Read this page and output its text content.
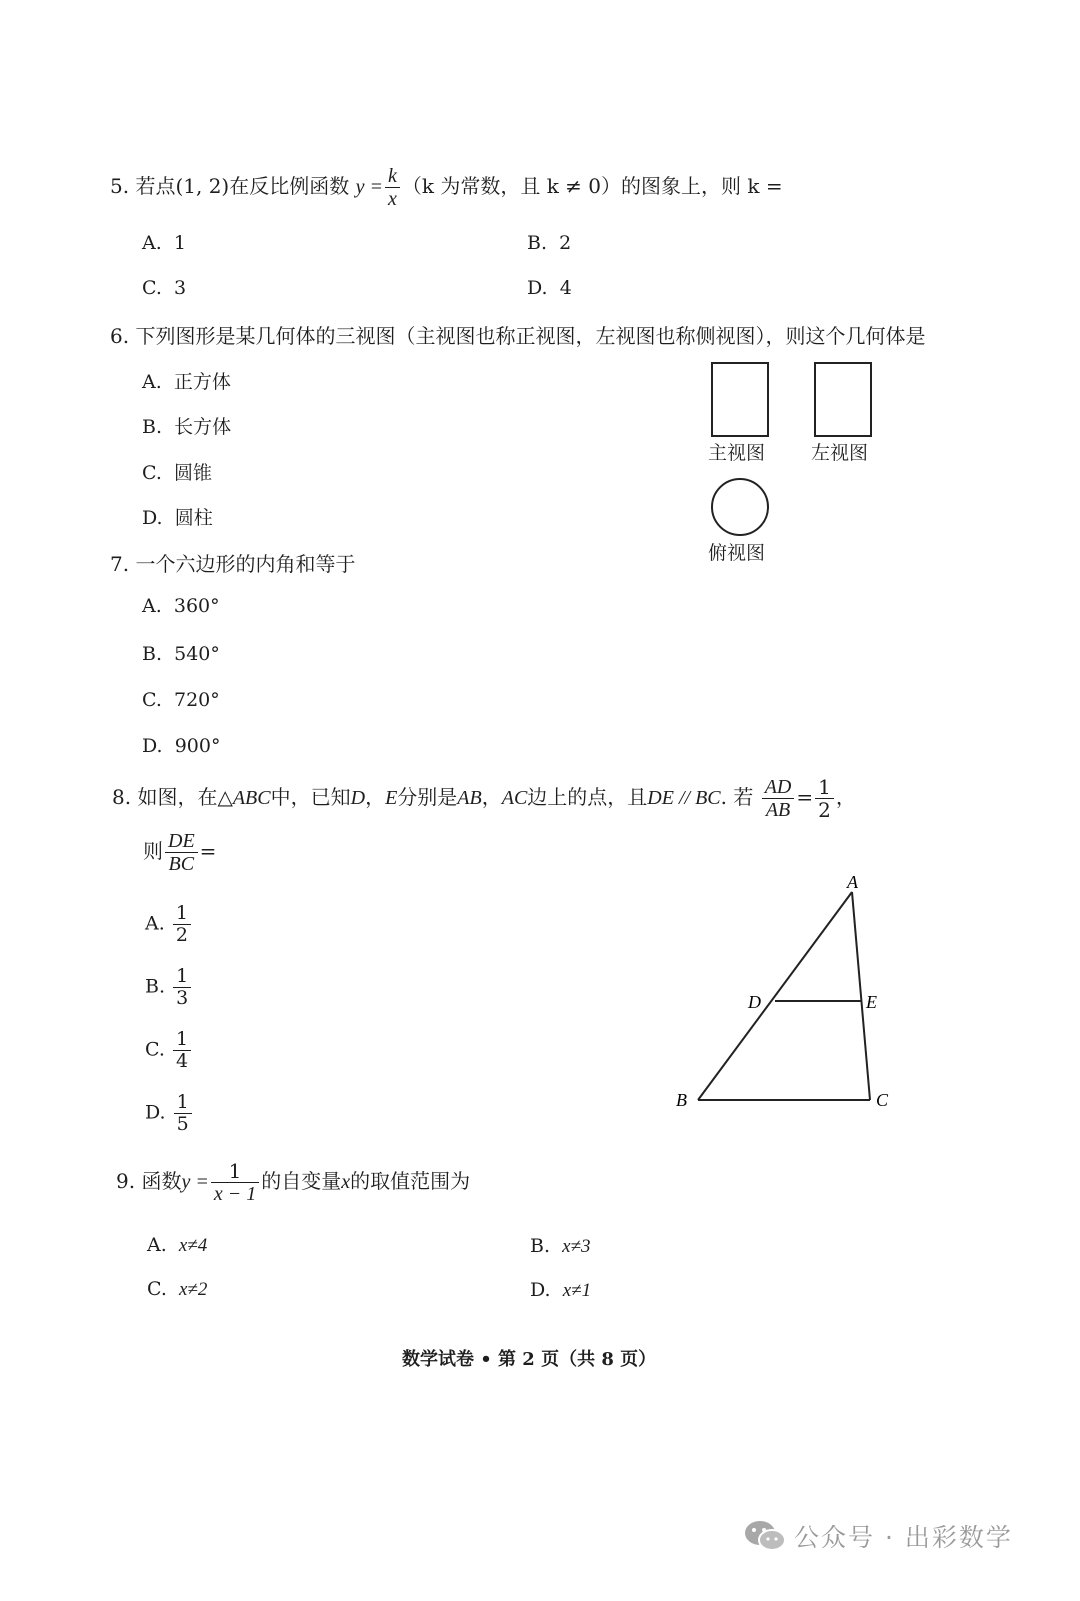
5. 若点(1, 2)在反比例函数 $y = \frac{k}{x} (k$ 为常数，且 k ≠ 0）的图象上，则 k =
A. 1	B. 2
C. 3	D. 4
6. 下列图形是某几何体的三视图（主视图也称正视图，左视图也称侧视图），则这个几何体是
A. 正方体
B. 长方体
C. 圆锥
D. 圆柱
主视图 左视图
俯视图
7. 一个六边形的内角和等于
A. 360°
B. 540°
C. 720°
D. 900°
8. 如图，在△ABC中，已知D，E分别是AB，AC边上的点，且DE // BC. 若 $\frac{AD}{AB} = \frac{1}{2}$ ，
则 $\frac{DE}{BC}$ =
A. $\frac{1}{2}$
B. $\frac{1}{3}$
C. $\frac{1}{4}$
D. $\frac{1}{5}$
A
B	C
D	E
9. 函数$y = \frac{1}{x - 1}$ 的自变量x的取值范围为
A. x≠4	B. x≠3
C. x≠2	D. x≠1
数学试卷 • 第 2 页（共 8 页）
公众号 · 出彩数学
